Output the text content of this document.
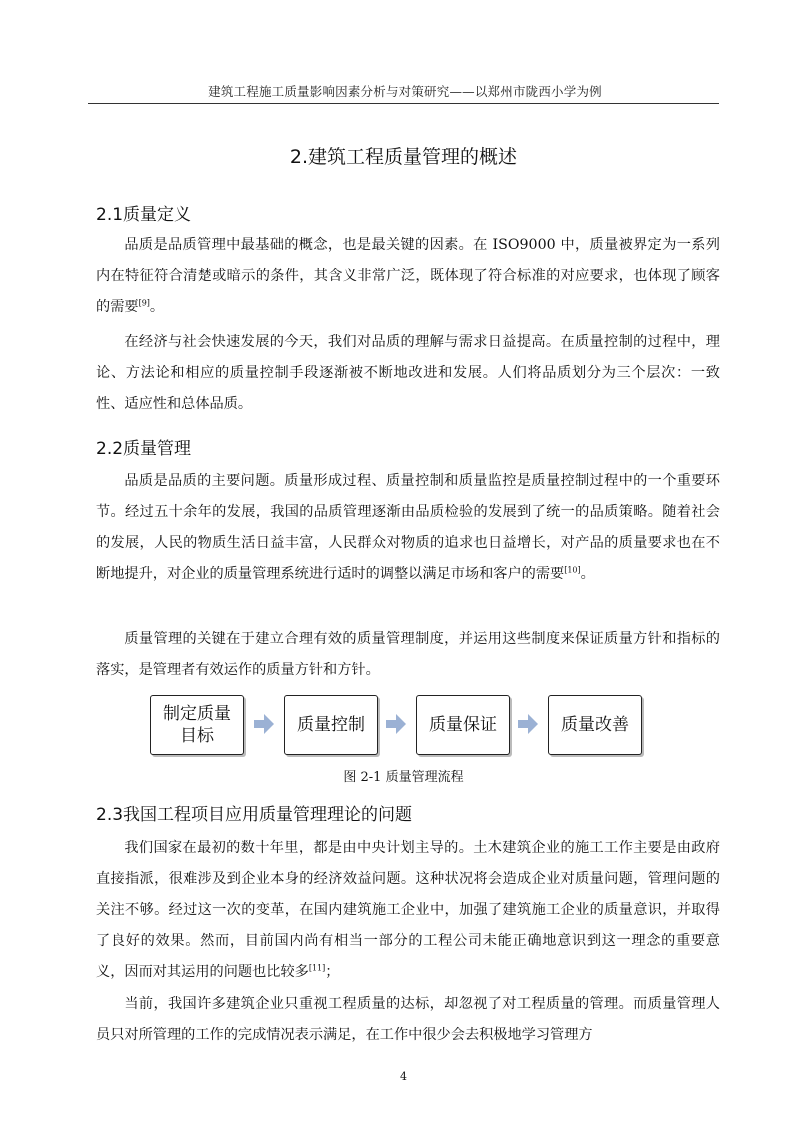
建筑工程施工质量影响因素分析与对策研究——以郑州市陇西小学为例
2.建筑工程质量管理的概述
2.1质量定义

品质是品质管理中最基础的概念，也是最关键的因素。在 ISO9000 中，质量被界定为一系列内在特征符合清楚或暗示的条件，其含义非常广泛，既体现了符合标准的对应要求，也体现了顾客的需要[9]。

在经济与社会快速发展的今天，我们对品质的理解与需求日益提高。在质量控制的过程中，理论、方法论和相应的质量控制手段逐渐被不断地改进和发展。人们将品质划分为三个层次：一致性、适应性和总体品质。

2.2质量管理

品质是品质的主要问题。质量形成过程、质量控制和质量监控是质量控制过程中的一个重要环节。经过五十余年的发展，我国的品质管理逐渐由品质检验的发展到了统一的品质策略。随着社会的发展，人民的物质生活日益丰富，人民群众对物质的追求也日益增长，对产品的质量要求也在不断地提升，对企业的质量管理系统进行适时的调整以满足市场和客户的需要[10]。

质量管理的关键在于建立合理有效的质量管理制度，并运用这些制度来保证质量方针和指标的落实，是管理者有效运作的质量方针和方针。

制定质量
目标
质量控制	质量保证	质量改善
图 2-1 质量管理流程
2.3我国工程项目应用质量管理理论的问题

我们国家在最初的数十年里，都是由中央计划主导的。土木建筑企业的施工工作主要是由政府直接指派，很难涉及到企业本身的经济效益问题。这种状况将会造成企业对质量问题，管理问题的关注不够。经过这一次的变革，在国内建筑施工企业中，加强了建筑施工企业的质量意识，并取得了良好的效果。然而，目前国内尚有相当一部分的工程公司未能正确地意识到这一理念的重要意义，因而对其运用的问题也比较多[11]；

当前，我国许多建筑企业只重视工程质量的达标，却忽视了对工程质量的管理。而质量管理人员只对所管理的工作的完成情况表示满足，在工作中很少会去积极地学习管理方

4
